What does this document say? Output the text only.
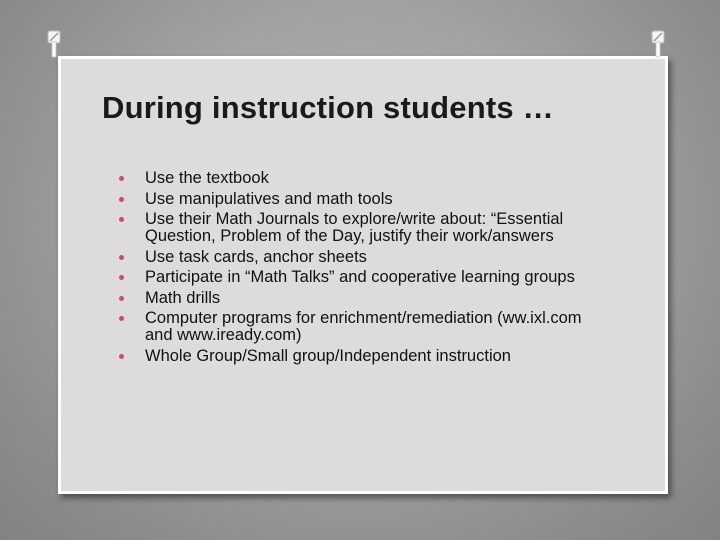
During instruction students …
Use the textbook
Use manipulatives and math tools
Use their Math Journals to explore/write about: “Essential Question, Problem of the Day, justify their work/answers
Use task cards, anchor sheets
Participate in “Math Talks” and cooperative learning groups
Math drills
Computer programs for enrichment/remediation (ww.ixl.com and www.iready.com)
Whole Group/Small group/Independent instruction
